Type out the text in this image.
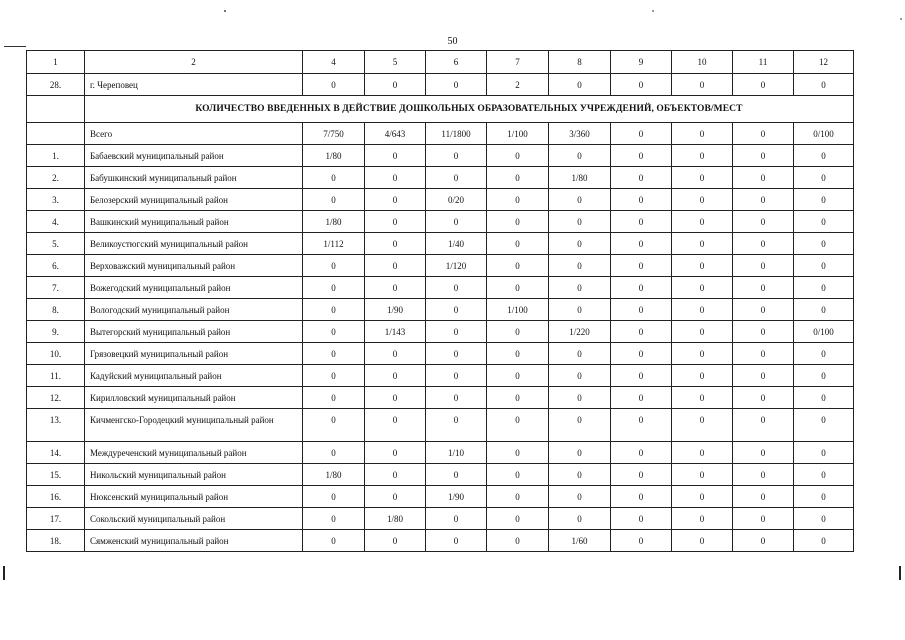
50
1	2	4	5	6	7	8	9	10	11	12
28.	г. Череповец	0	0	0	2	0	0	0	0	0
	КОЛИЧЕСТВО ВВЕДЕННЫХ В ДЕЙСТВИЕ ДОШКОЛЬНЫХ ОБРАЗОВАТЕЛЬНЫХ УЧРЕЖДЕНИЙ, ОБЪЕКТОВ/МЕСТ									
	Всего	7/750	4/643	11/1800	1/100	3/360	0	0	0	0/100
1.	Бабаевский муниципальный район	1/80	0	0	0	0	0	0	0	0
2.	Бабушкинский муниципальный район	0	0	0	0	1/80	0	0	0	0
3.	Белозерский муниципальный район	0	0	0/20	0	0	0	0	0	0
4.	Вашкинский муниципальный район	1/80	0	0	0	0	0	0	0	0
5.	Великоустюгский муниципальный район	1/112	0	1/40	0	0	0	0	0	0
6.	Верховажский муниципальный район	0	0	1/120	0	0	0	0	0	0
7.	Вожегодский муниципальный район	0	0	0	0	0	0	0	0	0
8.	Вологодский муниципальный район	0	1/90	0	1/100	0	0	0	0	0
9.	Вытегорский муниципальный район	0	1/143	0	0	1/220	0	0	0	0/100
10.	Грязовецкий муниципальный район	0	0	0	0	0	0	0	0	0
11.	Кадуйский муниципальный район	0	0	0	0	0	0	0	0	0
12.	Кирилловский муниципальный район	0	0	0	0	0	0	0	0	0
13.	Кичменгско-Городецкий муниципальный район	0	0	0	0	0	0	0	0	0
14.	Междуреченский муниципальный район	0	0	1/10	0	0	0	0	0	0
15.	Никольский муниципальный район	1/80	0	0	0	0	0	0	0	0
16.	Нюксенский муниципальный район	0	0	1/90	0	0	0	0	0	0
17.	Сокольский муниципальный район	0	1/80	0	0	0	0	0	0	0
18.	Сямженский муниципальный район	0	0	0	0	1/60	0	0	0	0
